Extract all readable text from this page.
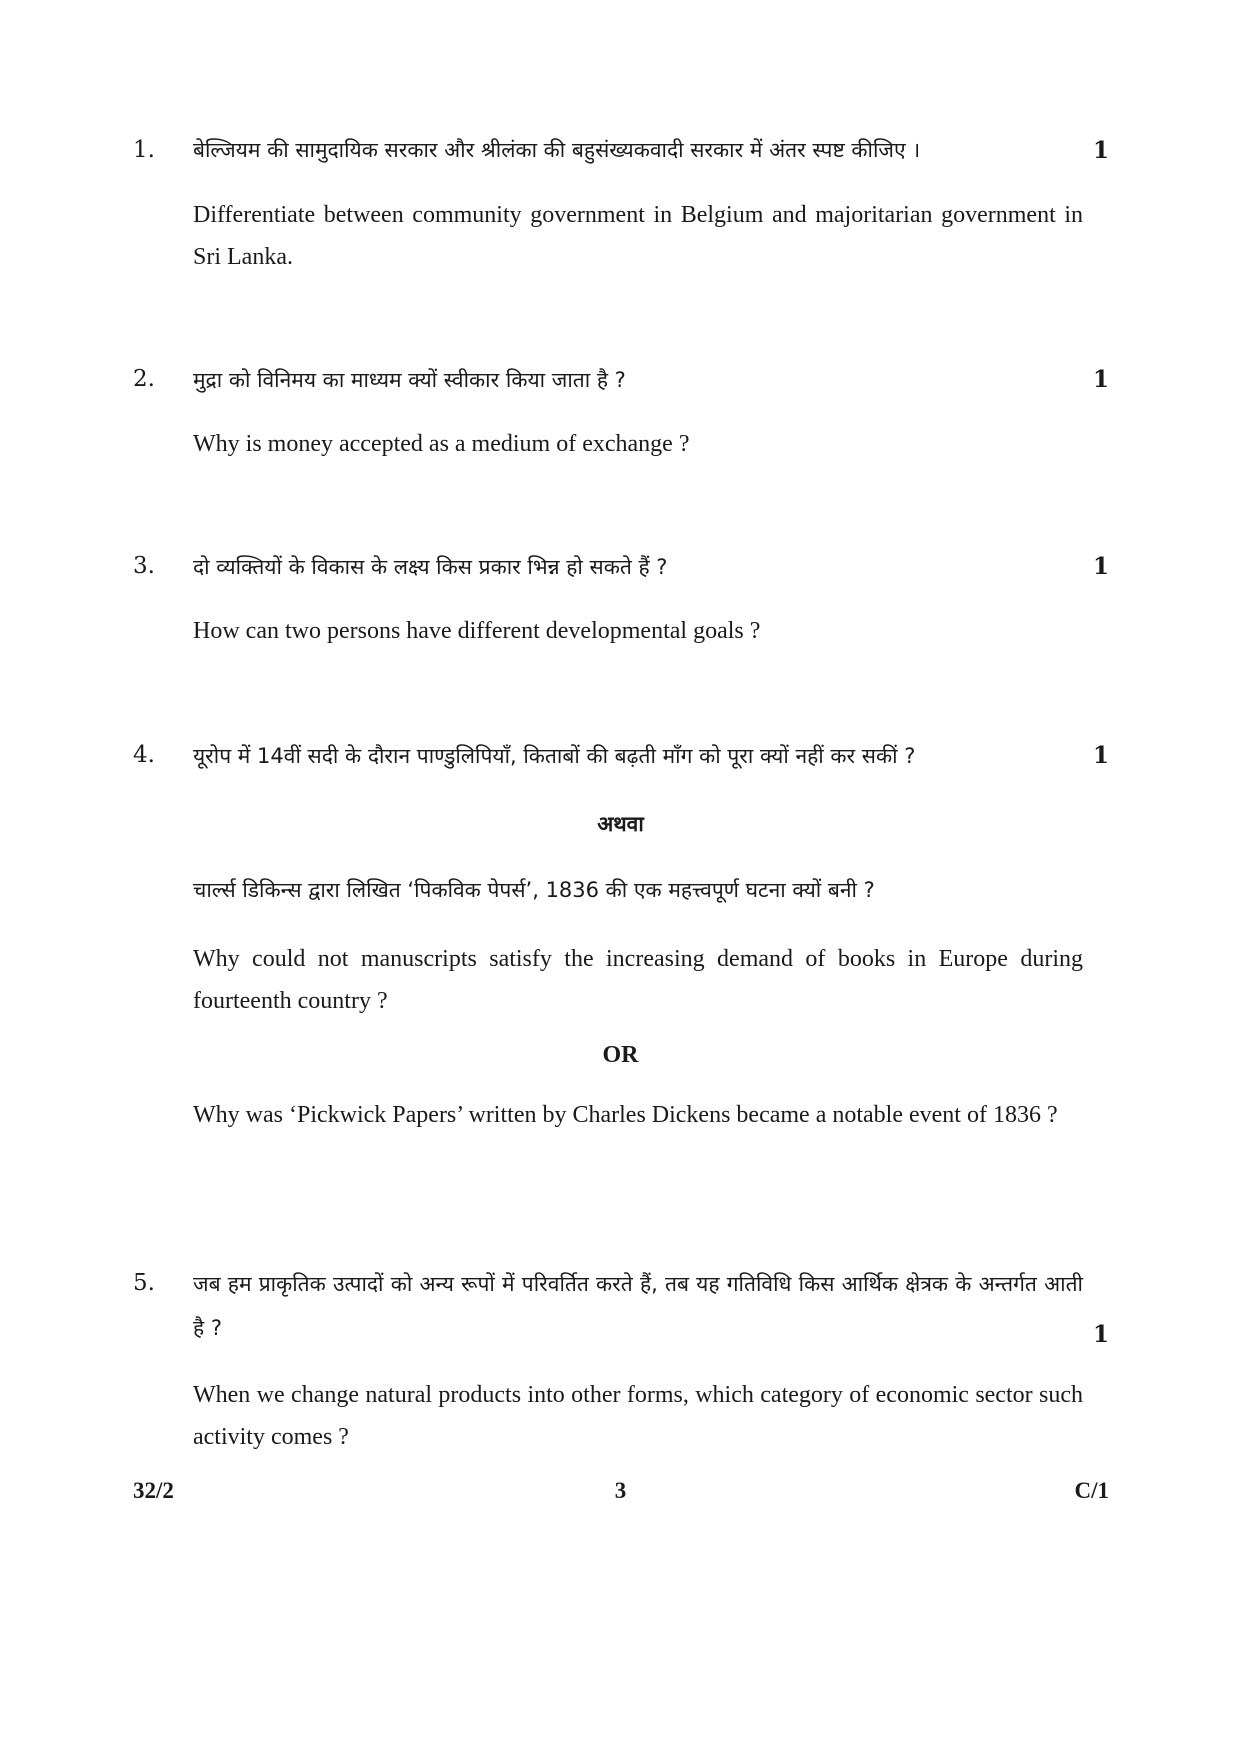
1.	बेल्जियम की सामुदायिक सरकार और श्रीलंका की बहुसंख्यकवादी सरकार में अंतर स्पष्ट कीजिए ।	1
Differentiate between community government in Belgium and majoritarian government in Sri Lanka.
2.	मुद्रा को विनिमय का माध्यम क्यों स्वीकार किया जाता है ?	1
Why is money accepted as a medium of exchange ?
3.	दो व्यक्तियों के विकास के लक्ष्य किस प्रकार भिन्न हो सकते हैं ?	1
How can two persons have different developmental goals ?
4.	यूरोप में 14वीं सदी के दौरान पाण्डुलिपियाँ, किताबों की बढ़ती माँग को पूरा क्यों नहीं कर सकीं ?	1
अथवा
चार्ल्स डिकिन्स द्वारा लिखित ‘पिकविक पेपर्स’, 1836 की एक महत्त्वपूर्ण घटना क्यों बनी ?
Why could not manuscripts satisfy the increasing demand of books in Europe during fourteenth country ?
OR
Why was ‘Pickwick Papers’ written by Charles Dickens became a notable event of 1836 ?
5.	जब हम प्राकृतिक उत्पादों को अन्य रूपों में परिवर्तित करते हैं, तब यह गतिविधि किस आर्थिक क्षेत्रक के अन्तर्गत आती है ?	1
When we change natural products into other forms, which category of economic sector such activity comes ?
32/2	3	C/1
